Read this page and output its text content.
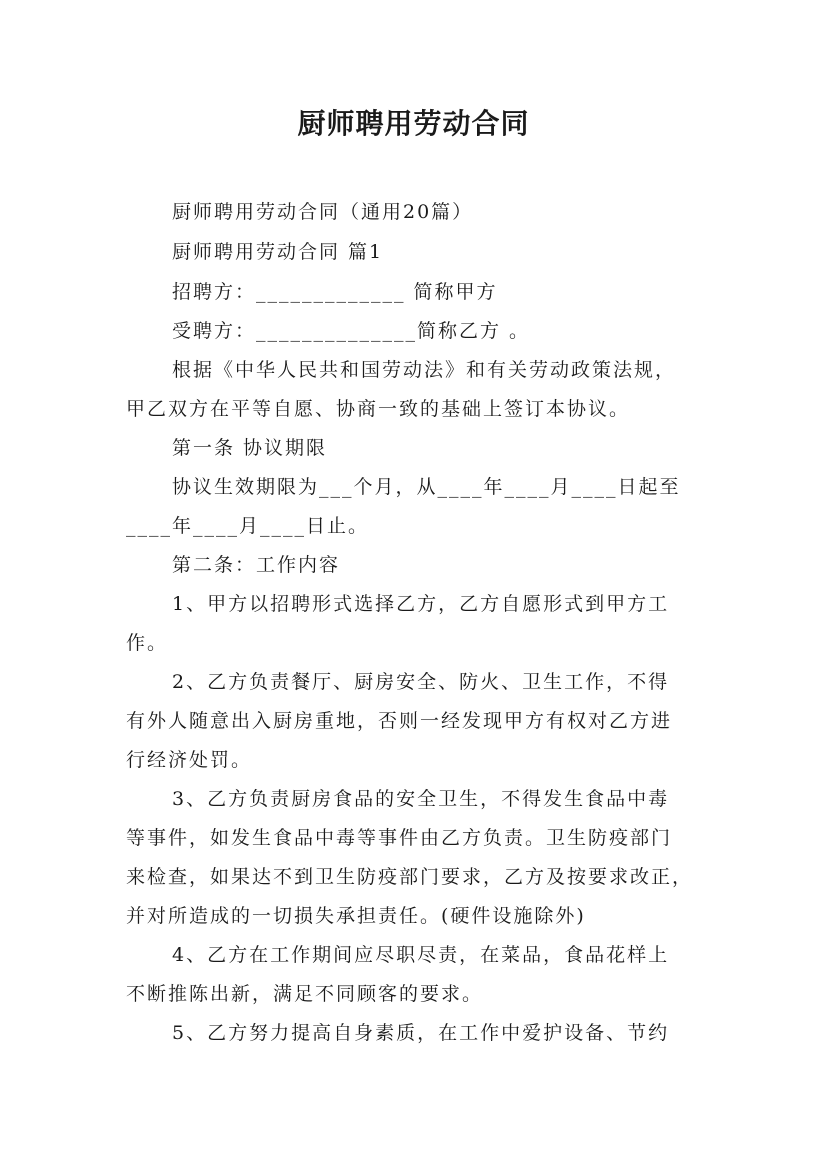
厨师聘用劳动合同
厨师聘用劳动合同（通用20篇）
厨师聘用劳动合同 篇1
招聘方：_____________ 简称甲方
受聘方：______________简称乙方 。
根据《中华人民共和国劳动法》和有关劳动政策法规，
甲乙双方在平等自愿、协商一致的基础上签订本协议。
第一条 协议期限
协议生效期限为___个月，从____年____月____日起至
____年____月____日止。
第二条：工作内容
1、甲方以招聘形式选择乙方，乙方自愿形式到甲方工
作。
2、乙方负责餐厅、厨房安全、防火、卫生工作，不得
有外人随意出入厨房重地，否则一经发现甲方有权对乙方进
行经济处罚。
3、乙方负责厨房食品的安全卫生，不得发生食品中毒
等事件，如发生食品中毒等事件由乙方负责。卫生防疫部门
来检查，如果达不到卫生防疫部门要求，乙方及按要求改正，
并对所造成的一切损失承担责任。(硬件设施除外)
4、乙方在工作期间应尽职尽责，在菜品，食品花样上
不断推陈出新，满足不同顾客的要求。
5、乙方努力提高自身素质，在工作中爱护设备、节约
